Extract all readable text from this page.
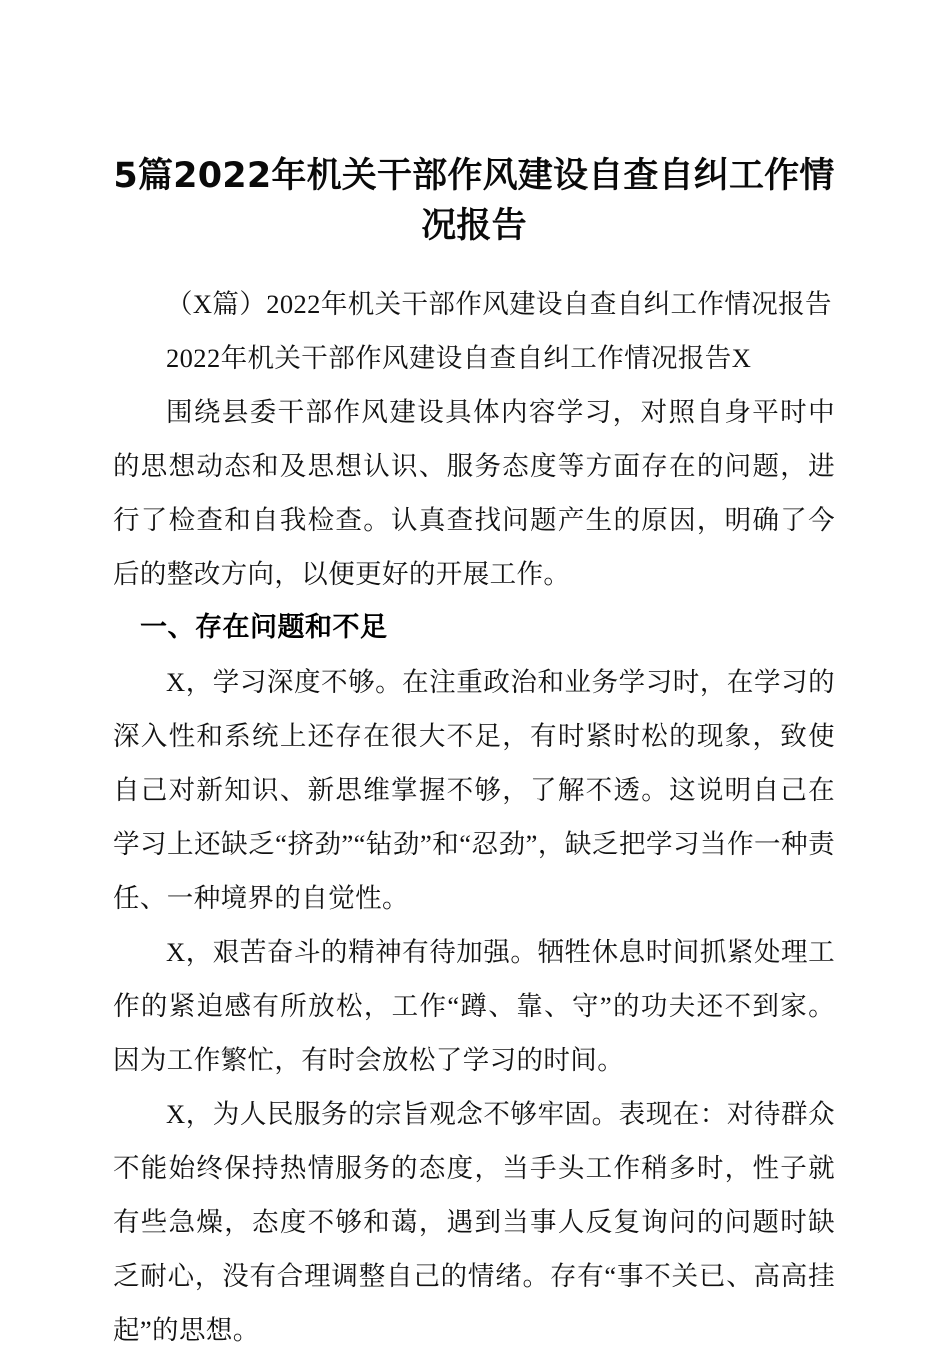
5篇2022年机关干部作风建设自查自纠工作情况报告

（X篇）2022年机关干部作风建设自查自纠工作情况报告

2022年机关干部作风建设自查自纠工作情况报告X

围绕县委干部作风建设具体内容学习，对照自身平时中的思想动态和及思想认识、服务态度等方面存在的问题，进行了检查和自我检查。认真查找问题产生的原因，明确了今后的整改方向，以便更好的开展工作。

一、存在问题和不足

X，学习深度不够。在注重政治和业务学习时，在学习的深入性和系统上还存在很大不足，有时紧时松的现象，致使自己对新知识、新思维掌握不够，了解不透。这说明自己在学习上还缺乏“挤劲”“钻劲”和“忍劲”，缺乏把学习当作一种责任、一种境界的自觉性。

X，艰苦奋斗的精神有待加强。牺牲休息时间抓紧处理工作的紧迫感有所放松，工作“蹲、靠、守”的功夫还不到家。因为工作繁忙，有时会放松了学习的时间。

X，为人民服务的宗旨观念不够牢固。表现在：对待群众不能始终保持热情服务的态度，当手头工作稍多时，性子就有些急燥，态度不够和蔼，遇到当事人反复询问的问题时缺乏耐心，没有合理调整自己的情绪。存有“事不关已、高高挂起”的思想。
